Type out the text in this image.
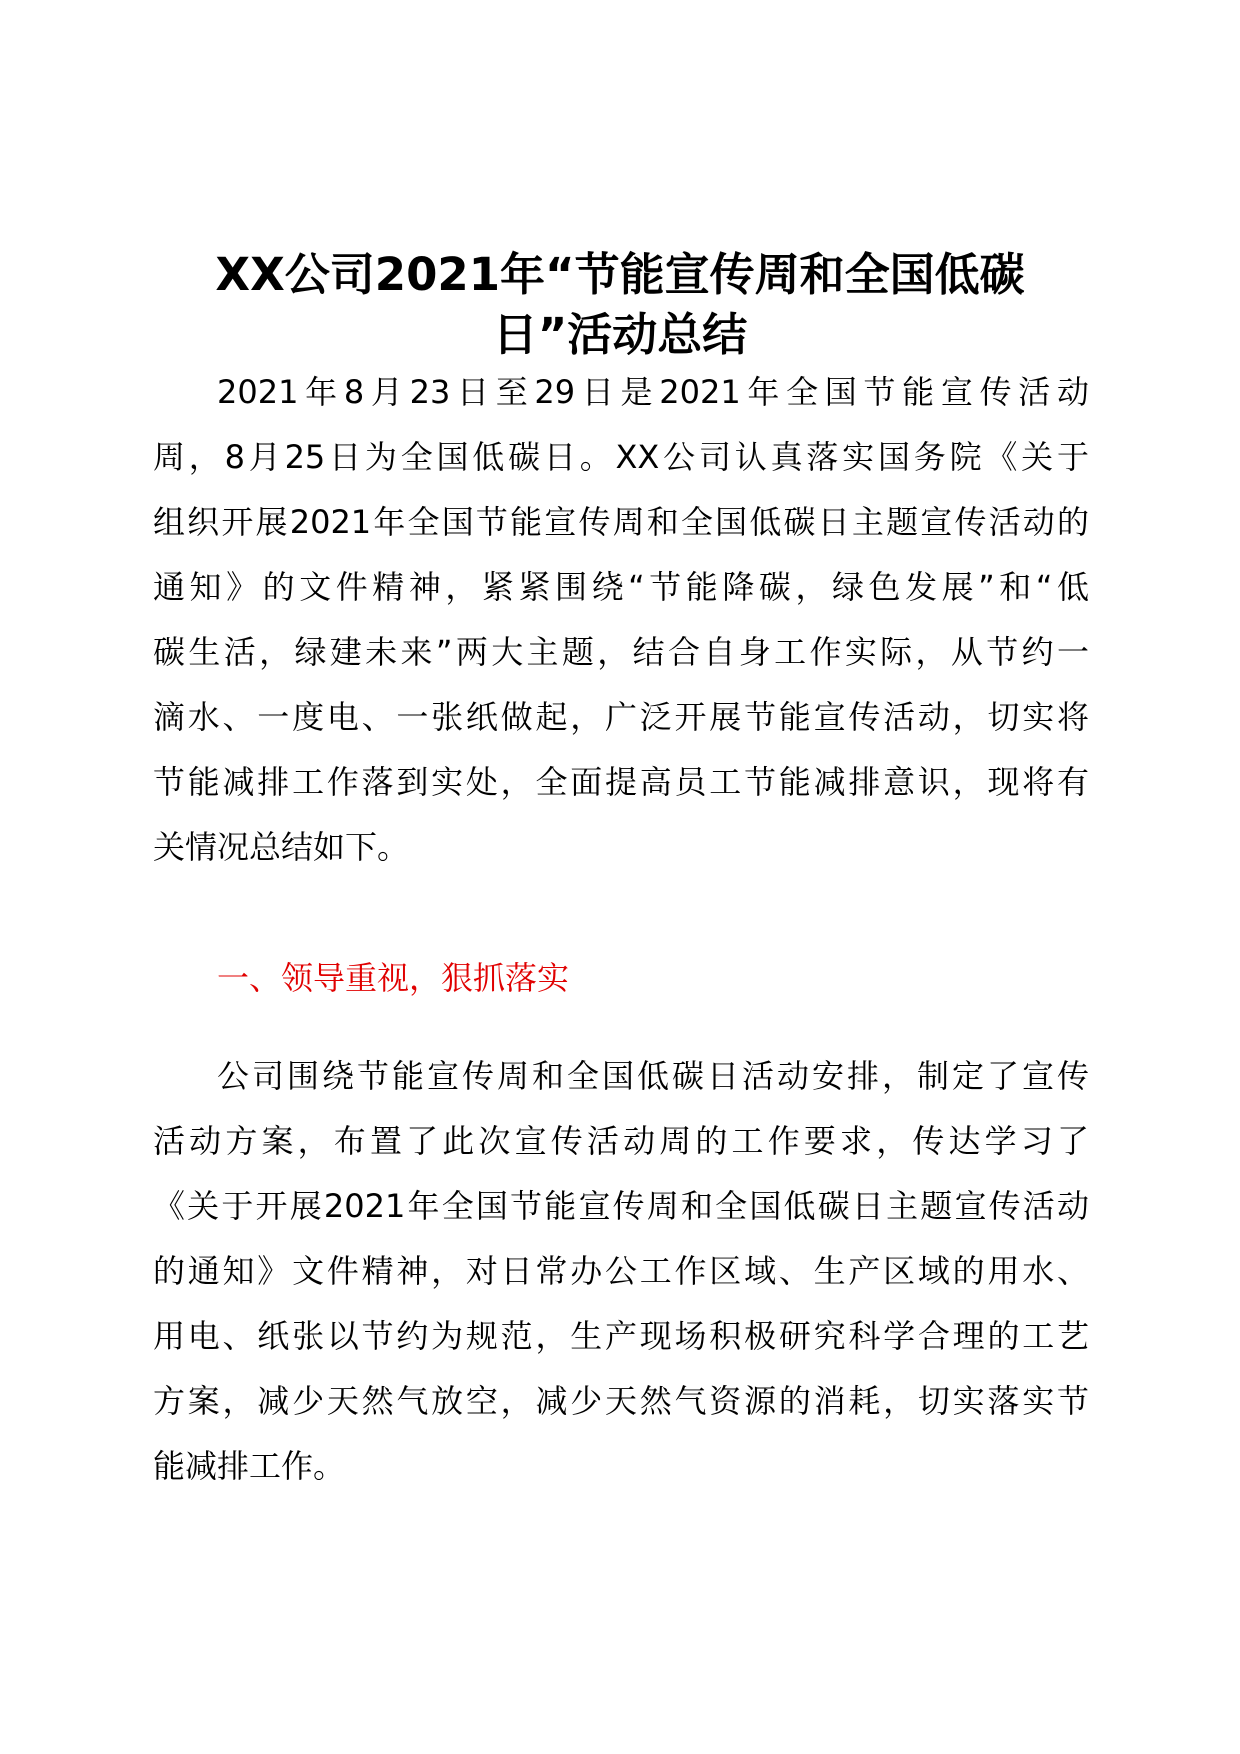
XX公司2021年“节能宣传周和全国低碳
日”活动总结
2021年8月23日至29日是2021年全国节能宣传活动
周，8月25日为全国低碳日。XX公司认真落实国务院《关于
组织开展2021年全国节能宣传周和全国低碳日主题宣传活动的
通知》的文件精神，紧紧围绕“节能降碳，绿色发展”和“低
碳生活，绿建未来”两大主题，结合自身工作实际，从节约一
滴水、一度电、一张纸做起，广泛开展节能宣传活动，切实将
节能减排工作落到实处，全面提高员工节能减排意识，现将有
关情况总结如下。
一、领导重视，狠抓落实
公司围绕节能宣传周和全国低碳日活动安排，制定了宣传
活动方案，布置了此次宣传活动周的工作要求，传达学习了
《关于开展2021年全国节能宣传周和全国低碳日主题宣传活动
的通知》文件精神，对日常办公工作区域、生产区域的用水、
用电、纸张以节约为规范，生产现场积极研究科学合理的工艺
方案，减少天然气放空，减少天然气资源的消耗，切实落实节
能减排工作。
